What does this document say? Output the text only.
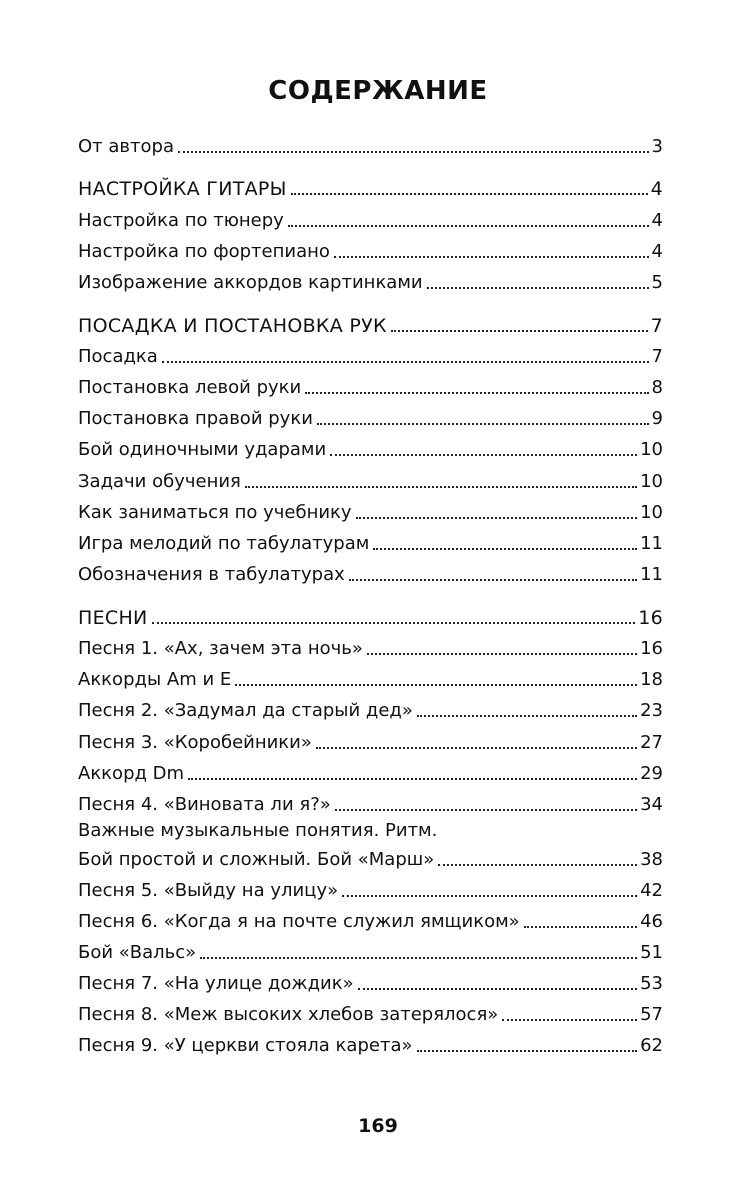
СОДЕРЖАНИЕ
От автора	3
НАСТРОЙКА ГИТАРЫ	4
Настройка по тюнеру	4
Настройка по фортепиано	4
Изображение аккордов картинками	5
ПОСАДКА И ПОСТАНОВКА РУК	7
Посадка	7
Постановка левой руки	8
Постановка правой руки	9
Бой одиночными ударами	10
Задачи обучения	10
Как заниматься по учебнику	10
Игра мелодий по табулатурам	11
Обозначения в табулатурах	11
ПЕСНИ	16
Песня 1. «Ах, зачем эта ночь»	16
Аккорды Am и E	18
Песня 2. «Задумал да старый дед»	23
Песня 3. «Коробейники»	27
Аккорд Dm	29
Песня 4. «Виновата ли я?»	34
Важные музыкальные понятия. Ритм.
Бой простой и сложный. Бой «Марш»	38
Песня 5. «Выйду на улицу»	42
Песня 6. «Когда я на почте служил ямщиком»	46
Бой «Вальс»	51
Песня 7. «На улице дождик»	53
Песня 8. «Меж высоких хлебов затерялося»	57
Песня 9. «У церкви стояла карета»	62
169
